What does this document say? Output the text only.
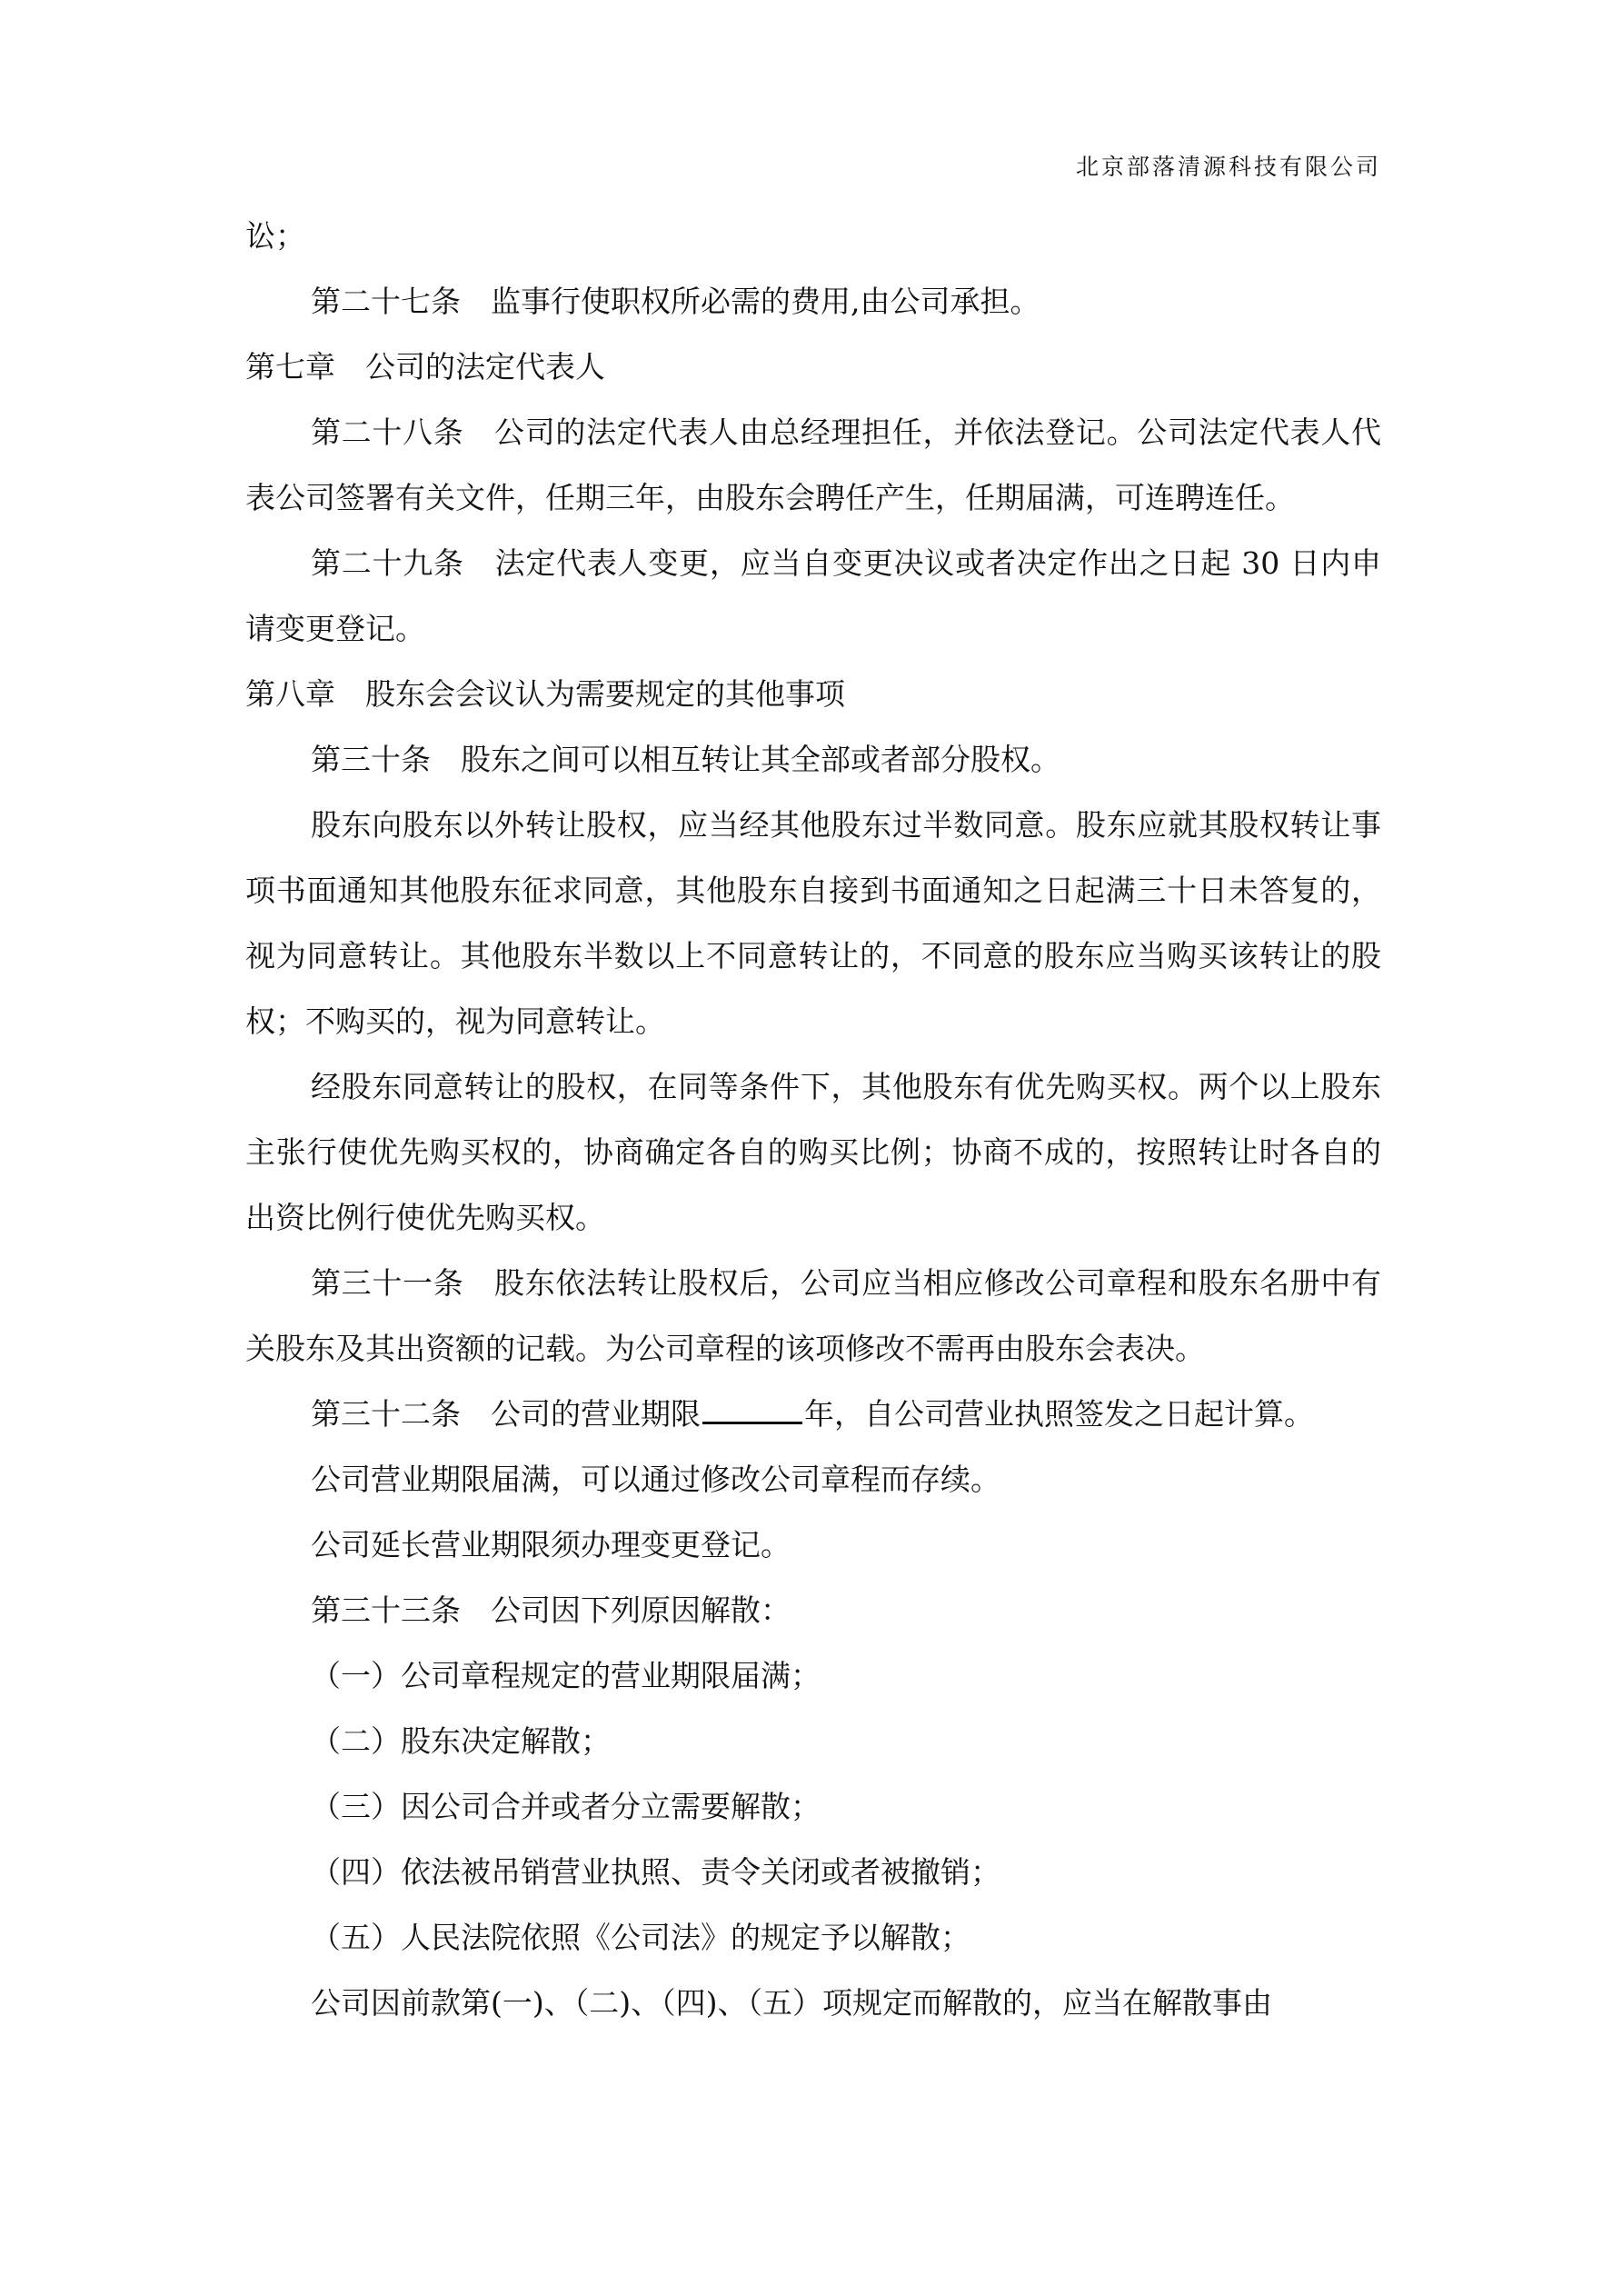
北京部落清源科技有限公司

讼；

第二十七条　监事行使职权所必需的费用,由公司承担。

第七章　公司的法定代表人

第二十八条　公司的法定代表人由总经理担任，并依法登记。公司法定代表人代表公司签署有关文件，任期三年，由股东会聘任产生，任期届满，可连聘连任。

第二十九条　法定代表人变更，应当自变更决议或者决定作出之日起 30 日内申请变更登记。

第八章　股东会会议认为需要规定的其他事项

第三十条　股东之间可以相互转让其全部或者部分股权。

股东向股东以外转让股权，应当经其他股东过半数同意。股东应就其股权转让事项书面通知其他股东征求同意，其他股东自接到书面通知之日起满三十日未答复的，视为同意转让。其他股东半数以上不同意转让的，不同意的股东应当购买该转让的股权；不购买的，视为同意转让。

经股东同意转让的股权，在同等条件下，其他股东有优先购买权。两个以上股东主张行使优先购买权的，协商确定各自的购买比例；协商不成的，按照转让时各自的出资比例行使优先购买权。

第三十一条　股东依法转让股权后，公司应当相应修改公司章程和股东名册中有关股东及其出资额的记载。为公司章程的该项修改不需再由股东会表决。

第三十二条　公司的营业期限	年，自公司营业执照签发之日起计算。

公司营业期限届满，可以通过修改公司章程而存续。

公司延长营业期限须办理变更登记。

第三十三条　公司因下列原因解散：

（一）公司章程规定的营业期限届满；

（二）股东决定解散；

（三）因公司合并或者分立需要解散；

（四）依法被吊销营业执照、责令关闭或者被撤销；

（五）人民法院依照《公司法》的规定予以解散；

公司因前款第(一)、（二)、（四)、（五）项规定而解散的，应当在解散事由
